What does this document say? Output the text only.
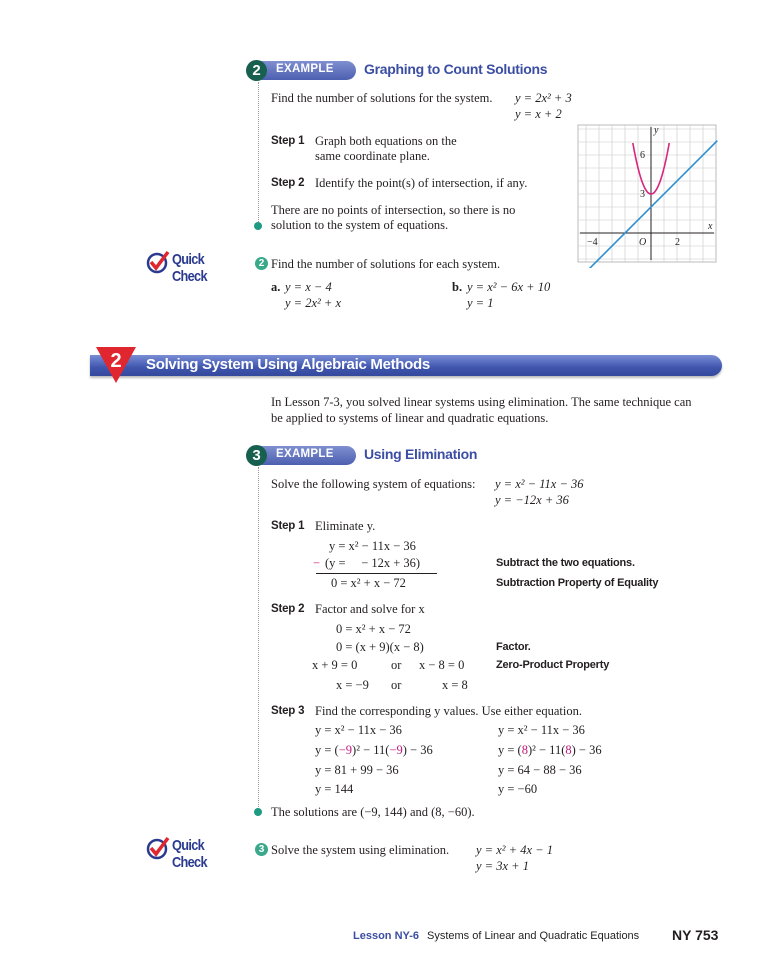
EXAMPLE
2	Graphing to Count Solutions
Find the number of solutions for the system. y = 2x² + 3
y = x + 2
Step 1 Graph both equations on the
same coordinate plane.
Step 2 Identify the point(s) of intersection, if any.
There are no points of intersection, so there is no
solution to the system of equations.	x
y
O
−4	2
6
3
Quick Check
2 Find the number of solutions for each system.
a. y = x − 4
y = 2x² + x
b. y = x² − 6x + 10
y = 1
Solving System Using Algebraic Methods
2
In Lesson 7-3, you solved linear systems using elimination. The same technique can
be applied to systems of linear and quadratic equations.
EXAMPLE
3	Using Elimination
Solve the following system of equations: y = x² − 11x − 36
y = −12x + 36
Step 1 Eliminate y.
y = x² − 11x − 36
− (y =     − 12x + 36)
0 = x² + x − 72
Subtract the two equations.
Subtraction Property of Equality
Step 2 Factor and solve for x
0 = x² + x − 72
0 = (x + 9)(x − 8)
x + 9 = 0	or x − 8 = 0
x = −9 or	x = 8
Factor.
Zero-Product Property
Step 3 Find the corresponding y values. Use either equation.
y = x² − 11x − 36
y = (−9)² − 11(−9) − 36
y = 81 + 99 − 36
y = 144
y = x² − 11x − 36
y = (8)² − 11(8) − 36
y = 64 − 88 − 36
y = −60
The solutions are (−9, 144) and (8, −60).
Quick Check
3 Solve the system using elimination. y = x² + 4x − 1
y = 3x + 1
Lesson NY-6 Systems of Linear and Quadratic Equations NY 753
